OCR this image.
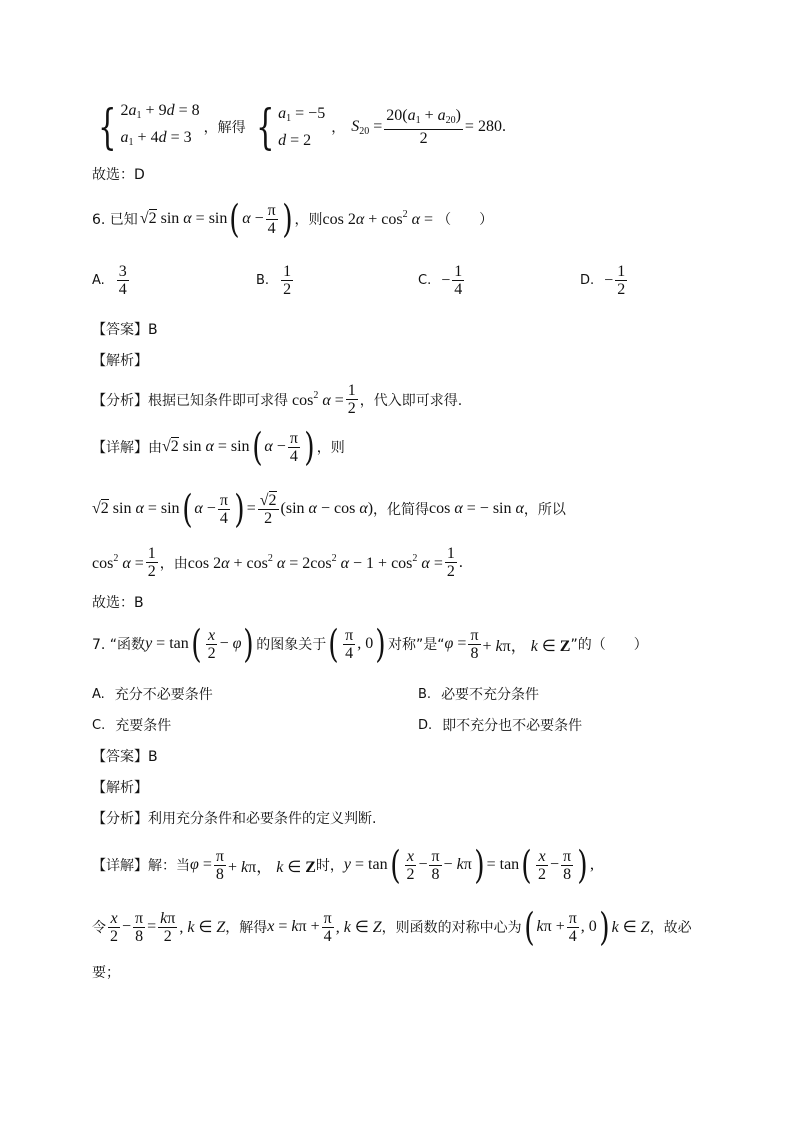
{ $2a_1 + 9d = 8$
$a_1 + 4d = 3$
，解得 { $a_1 = -5$
d = 2
， $S_{20} = \frac{20(a_1 + a_{20})}{2} = 280$.
故选：D
6. 已知 √2 sin α = sin ( $\alpha - \frac{\pi}{4}$ ) ，则 $\cos 2\alpha + \cos^2 \alpha$ = （　　）
A. $\frac{3}{4}$	B. $\frac{1}{2}$	C. − $\frac{1}{4}$	D. − $\frac{1}{2}$
【答案】B
【解析】
【分析】 根据已知条件即可求得 $\cos^2 \alpha = \frac{1}{2}$ ，代入即可求得.
【详解】 由 √2 sin α = sin ( $\alpha - \frac{\pi}{4}$ ) ，则
√2 sin α = sin ( $\alpha - \frac{\pi}{4}$ ) = $\frac{√2}{2} (\sin$ α − cos α) ，化简得 cos α = − sin α ，所以
$\cos^2 \alpha = \frac{1}{2}$ ，由 $\cos 2\alpha + \cos^2 \alpha = 2\cos^2$ $\alpha - 1 + \cos^2 \alpha = \frac{1}{2}$ .
故选：B
7. “函数 y = tan ( $\frac{x}{2} - \varphi$ ) 的图象关于 ( $\frac{\pi}{4}$ , 0 ) 对称”是“ $\varphi = \frac{\pi}{8} + k\pi$， k ∈ Z ”的（　　）
A. 充分不必要条件	B. 必要不充分条件
C. 充要条件	D. 即不充分也不必要条件
【答案】B
【解析】
【分析】 利用充分条件和必要条件的定义判断.
【详解】 解：当 $\varphi = \frac{\pi}{8} + k\pi$， k ∈ Z 时， y = tan ( $\frac{x}{2} - \frac{\pi}{8} - k\pi$ ) = tan ( $\frac{x}{2} - \frac{\pi}{8}$ ) ,
令 $\frac{x}{2} - \frac{\pi}{8} = \frac{k\pi}{2}$ , k ∈ Z ，解得 $x = k\pi + \frac{\pi}{4}$ , k ∈ Z ，则函数的对称中心为 ( $k\pi + \frac{\pi}{4}$ , 0 ) k ∈ Z ，故必
要；
